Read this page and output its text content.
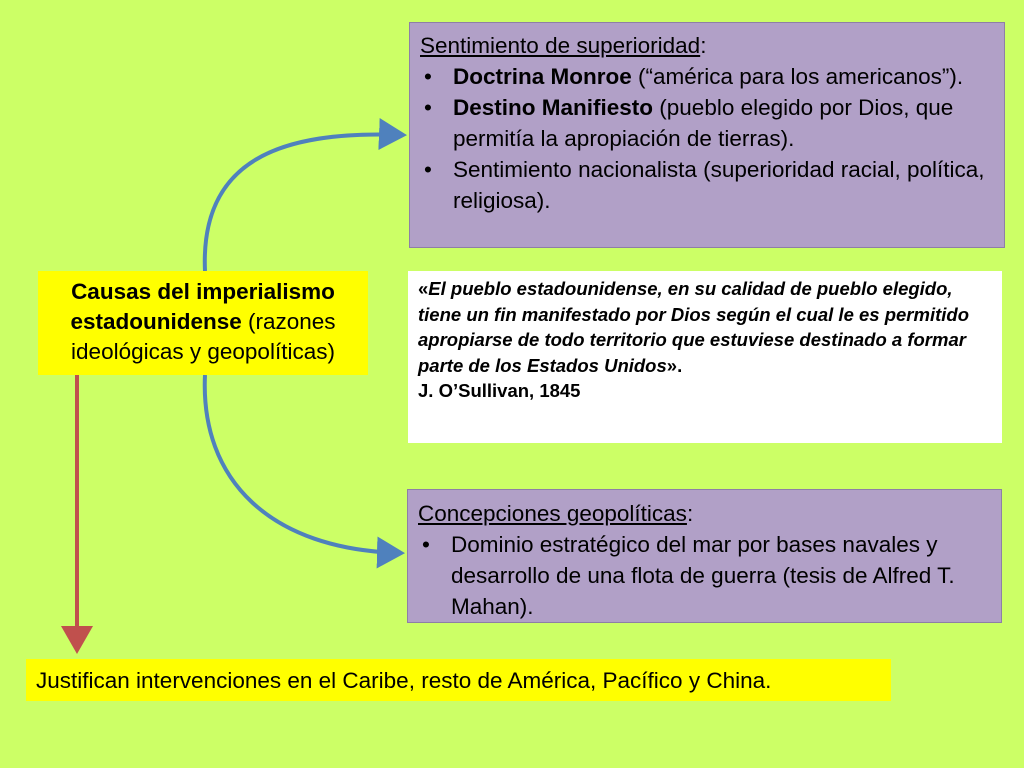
Sentimiento de superioridad:
• Doctrina Monroe (“américa para los americanos”).
• Destino Manifiesto (pueblo elegido por Dios, que permitía la apropiación de tierras).
• Sentimiento nacionalista (superioridad racial, política, religiosa).
«El pueblo estadounidense, en su calidad de pueblo elegido, tiene un fin manifestado por Dios según el cual le es permitido apropiarse de todo territorio que estuviese destinado a formar parte de los Estados Unidos».
J. O’Sullivan, 1845
Causas del imperialismo estadounidense (razones ideológicas y geopolíticas)
Concepciones geopolíticas:
• Dominio estratégico del mar por bases navales y desarrollo de una flota de guerra (tesis de Alfred T. Mahan).
Justifican intervenciones en el Caribe, resto de América, Pacífico y China.
